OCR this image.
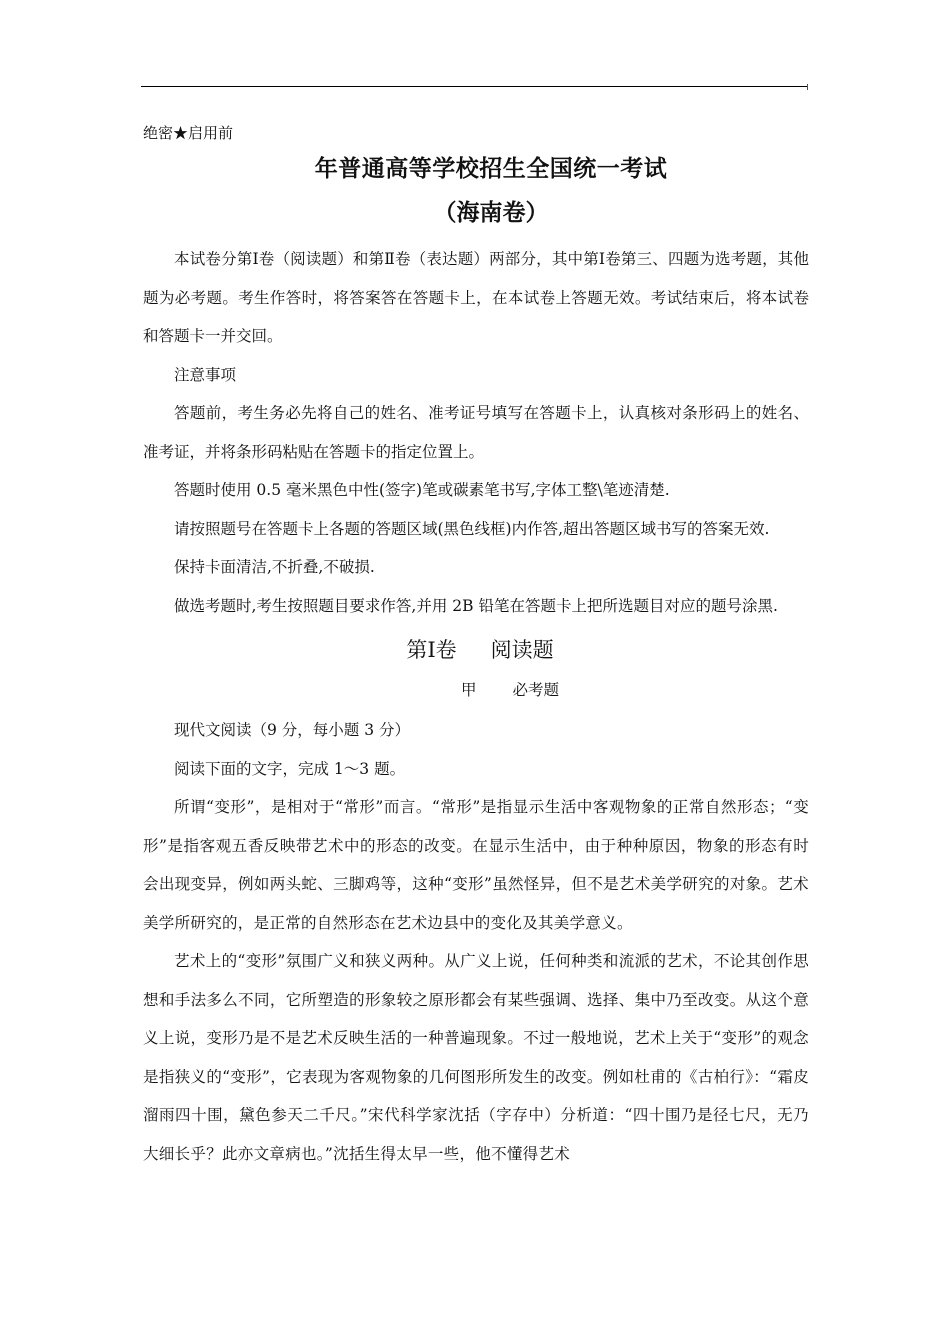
绝密★启用前

年普通高等学校招生全国统一考试
（海南卷）

本试卷分第Ⅰ卷（阅读题）和第Ⅱ卷（表达题）两部分，其中第Ⅰ卷第三、四题为选考题，其他题为必考题。考生作答时，将答案答在答题卡上，在本试卷上答题无效。考试结束后，将本试卷和答题卡一并交回。

注意事项

答题前，考生务必先将自己的姓名、准考证号填写在答题卡上，认真核对条形码上的姓名、准考证，并将条形码粘贴在答题卡的指定位置上。

答题时使用 0.5 毫米黑色中性(签字)笔或碳素笔书写,字体工整\笔迹清楚.

请按照题号在答题卡上各题的答题区域(黑色线框)内作答,超出答题区域书写的答案无效.

保持卡面清洁,不折叠,不破损.

做选考题时,考生按照题目要求作答,并用 2B 铅笔在答题卡上把所选题目对应的题号涂黑.

第Ⅰ卷 阅读题
甲 必考题

现代文阅读（9 分，每小题 3 分）

阅读下面的文字，完成 1～3 题。

所谓“变形”，是相对于“常形”而言。“常形”是指显示生活中客观物象的正常自然形态；“变形”是指客观五香反映带艺术中的形态的改变。在显示生活中，由于种种原因，物象的形态有时会出现变异，例如两头蛇、三脚鸡等，这种“变形”虽然怪异，但不是艺术美学研究的对象。艺术美学所研究的，是正常的自然形态在艺术边县中的变化及其美学意义。

艺术上的“变形”氛围广义和狭义两种。从广义上说，任何种类和流派的艺术，不论其创作思想和手法多么不同，它所塑造的形象较之原形都会有某些强调、选择、集中乃至改变。从这个意义上说，变形乃是不是艺术反映生活的一种普遍现象。不过一般地说，艺术上关于“变形”的观念是指狭义的“变形”，它表现为客观物象的几何图形所发生的改变。例如杜甫的《古柏行》：“霜皮溜雨四十围，黛色参天二千尺。”宋代科学家沈括（字存中）分析道：“四十围乃是径七尺，无乃大细长乎？此亦文章病也。”沈括生得太早一些，他不懂得艺术
